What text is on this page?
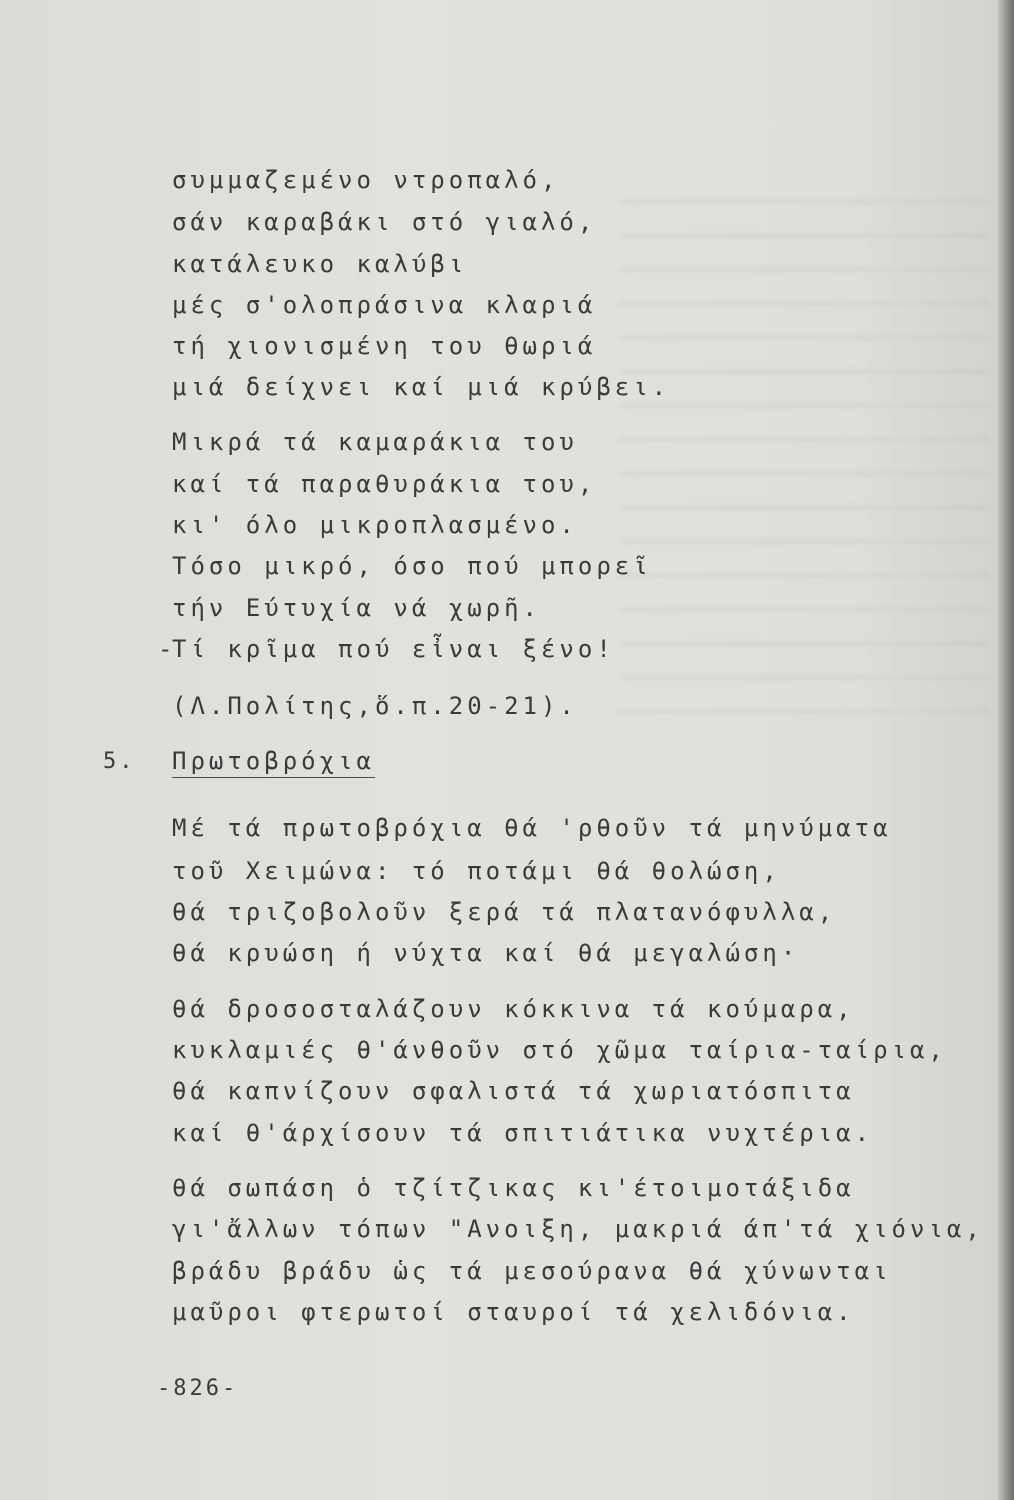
συμμαζεμένο ντροπαλό,
σάν καραβάκι στό γιαλό,
κατάλευκο καλύβι
μές σ'ολοπράσινα κλαριά
τή χιονισμένη του θωριά
μιά δείχνει καί μιά κρύβει.
Μικρά τά καμαράκια του
καί τά παραθυράκια του,
κι' όλο μικροπλασμένο.
Τόσο μικρό, όσο πού μπορεῖ
τήν Εύτυχία νά χωρῆ.
-
Τί κρῖμα πού εἶναι ξένο!
(Λ.Πολίτης,ὅ.π.20-21).
5. Πρωτοβρόχια
Μέ τά πρωτοβρόχια θά 'ρθοῦν τά μηνύματα
τοῦ Χειμώνα: τό ποτάμι θά θολώση,
θά τριζοβολοῦν ξερά τά πλατανόφυλλα,
θά κρυώση ή νύχτα καί θά μεγαλώση·
θά δροσοσταλάζουν κόκκινα τά κούμαρα,
κυκλαμιές θ'άνθοῦν στό χῶμα ταίρια-ταίρια,
θά καπνίζουν σφαλιστά τά χωριατόσπιτα
καί θ'άρχίσουν τά σπιτιάτικα νυχτέρια.
θά σωπάση ὁ τζίτζικας κι'έτοιμοτάξιδα
γι'ἄλλων τόπων "Ανοιξη, μακριά άπ'τά χιόνια,
βράδυ βράδυ ὡς τά μεσούρανα θά χύνωνται
μαῦροι φτερωτοί σταυροί τά χελιδόνια.
-826-
